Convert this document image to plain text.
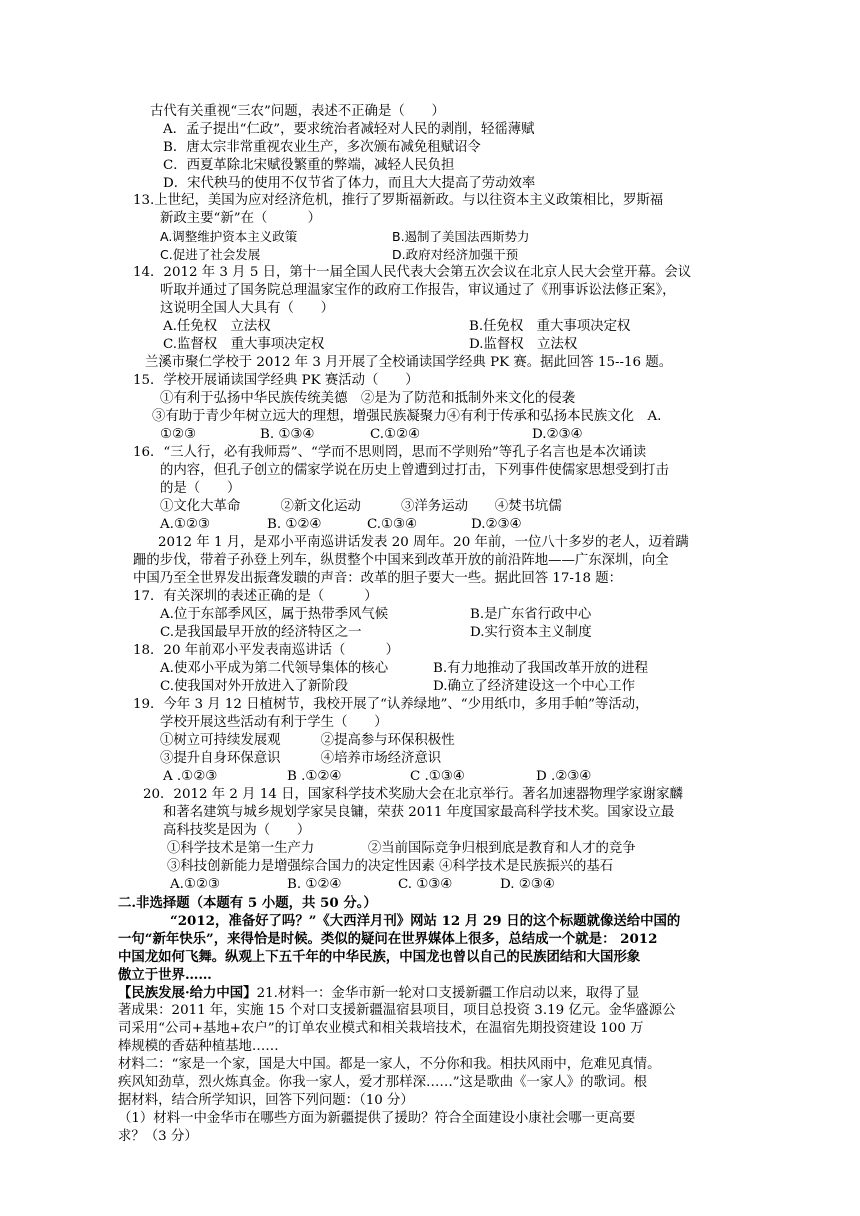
古代有关重视“三农”问题，表述不正确是（　　）
A．孟子提出“仁政”，要求统治者减轻对人民的剥削，轻徭薄赋
B．唐太宗非常重视农业生产，多次颁布减免租赋诏令
C．西夏革除北宋赋役繁重的弊端，减轻人民负担
D．宋代秧马的使用不仅节省了体力，而且大大提高了劳动效率
13.上世纪，美国为应对经济危机，推行了罗斯福新政。与以往资本主义政策相比，罗斯福
新政主要“新”在（　　　）
A.调整维护资本主义政策	B.遏制了美国法西斯势力
C.促进了社会发展	D.政府对经济加强干预
14．2012 年 3 月 5 日，第十一届全国人民代表大会第五次会议在北京人民大会堂开幕。会议
听取并通过了国务院总理温家宝作的政府工作报告，审议通过了《刑事诉讼法修正案》，
这说明全国人大具有（　　）
A.任免权　立法权	B.任免权　重大事项决定权
C.监督权　重大事项决定权	D.监督权　立法权
兰溪市聚仁学校于 2012 年 3 月开展了全校诵读国学经典 PK 赛。据此回答 15--16 题。
15．学校开展诵读国学经典 PK 赛活动（　　）
①有利于弘扬中华民族传统美德　②是为了防范和抵制外来文化的侵袭
③有助于青少年树立远大的理想，增强民族凝聚力④有利于传承和弘扬本民族文化　A.
①②③	B. ①③④	C.①②④	D.②③④
16．“三人行，必有我师焉”、“学而不思则罔，思而不学则殆”等孔子名言也是本次诵读
的内容，但孔子创立的儒家学说在历史上曾遭到过打击，下列事件使儒家思想受到打击
的是（　　）
①文化大革命　　　②新文化运动　　　③洋务运动　　④焚书坑儒
A.①②③	B. ①②④	C.①③④	D.②③④
2012 年 1 月，是邓小平南巡讲话发表 20 周年。20 年前，一位八十多岁的老人，迈着蹒
跚的步伐，带着子孙登上列车，纵贯整个中国来到改革开放的前沿阵地——广东深圳，向全
中国乃至全世界发出振聋发聩的声音：改革的胆子要大一些。据此回答 17-18 题：
17．有关深圳的表述正确的是（　　　）
A.位于东部季风区，属于热带季风气候	B.是广东省行政中心
C.是我国最早开放的经济特区之一	D.实行资本主义制度
18．20 年前邓小平发表南巡讲话（　　　）
A.使邓小平成为第二代领导集体的核心	B.有力地推动了我国改革开放的进程
C.使我国对外开放进入了新阶段	D.确立了经济建设这一个中心工作
19．今年 3 月 12 日植树节，我校开展了“认养绿地”、“少用纸巾，多用手帕”等活动，
学校开展这些活动有利于学生（　　）
①树立可持续发展观　　　②提高参与环保积极性
③提升自身环保意识　　　④培养市场经济意识
A .①②③	B .①②④	C .①③④	D .②③④
20．2012 年 2 月 14 日，国家科学技术奖励大会在北京举行。著名加速器物理学家谢家麟
和著名建筑与城乡规划学家吴良镛，荣获 2011 年度国家最高科学技术奖。国家设立最
高科技奖是因为（　　）
①科学技术是第一生产力　　　　②当前国际竞争归根到底是教育和人才的竞争
③科技创新能力是增强综合国力的决定性因素 ④科学技术是民族振兴的基石
A.①②③	B. ①②④	C. ①③④	D. ②③④
二.非选择题（本题有 5 小题，共 50 分。）
“2012，准备好了吗？”《大西洋月刊》网站 12 月 29 日的这个标题就像送给中国的
一句“新年快乐”，来得恰是时候。类似的疑问在世界媒体上很多，总结成一个就是： 2012
中国龙如何飞舞。纵观上下五千年的中华民族，中国龙也曾以自己的民族团结和大国形象
傲立于世界……
【民族发展·给力中国】21.材料一：金华市新一轮对口支援新疆工作启动以来，取得了显
著成果：2011 年，实施 15 个对口支援新疆温宿县项目，项目总投资 3.19 亿元。金华盛源公
司采用“公司+基地+农户”的订单农业模式和相关栽培技术，在温宿先期投资建设 100 万
棒规模的香菇种植基地……
材料二：“家是一个家，国是大中国。都是一家人，不分你和我。相扶风雨中，危难见真情。
疾风知劲草，烈火炼真金。你我一家人，爱才那样深……”这是歌曲《一家人》的歌词。根
据材料，结合所学知识，回答下列问题：（10 分）
（1）材料一中金华市在哪些方面为新疆提供了援助？符合全面建设小康社会哪一更高要
求？（3 分）
